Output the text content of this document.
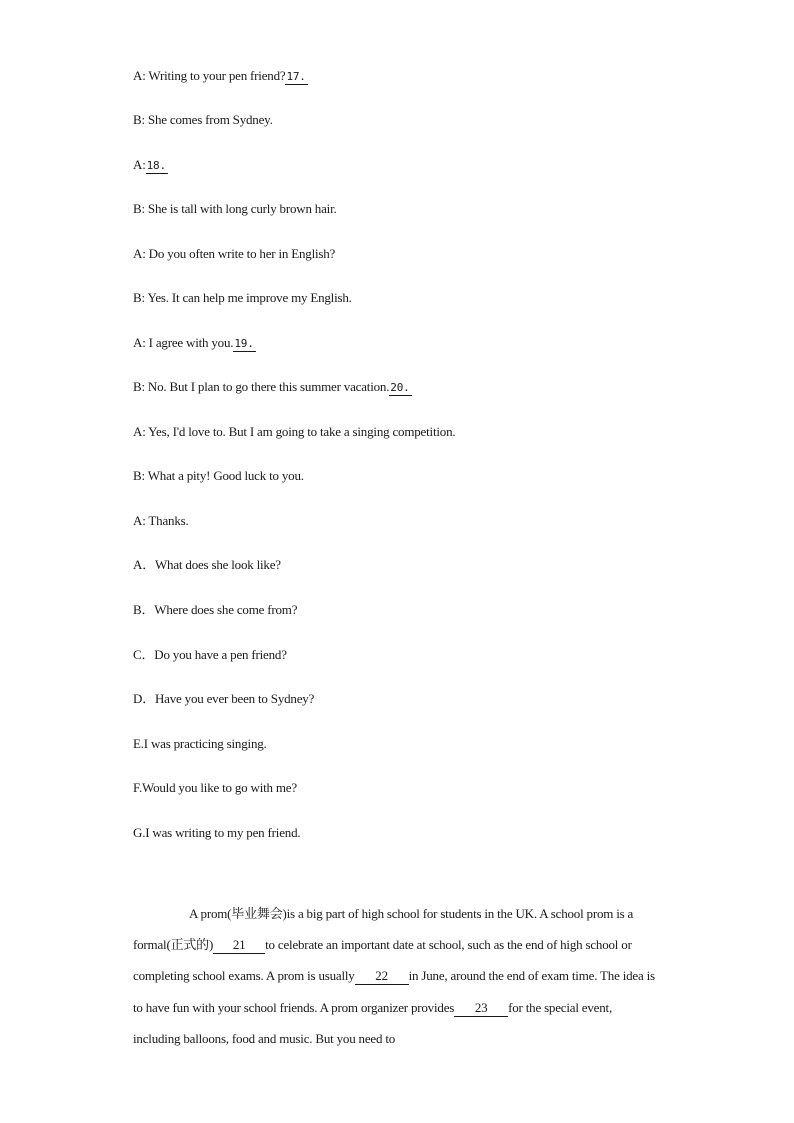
A: Writing to your pen friend?17.
B: She comes from Sydney.
A:18.
B: She is tall with long curly brown hair.
A: Do you often write to her in English?
B: Yes. It can help me improve my English.
A: I agree with you.19.
B: No. But I plan to go there this summer vacation.20.
A: Yes, I'd love to. But I am going to take a singing competition.
B: What a pity! Good luck to you.
A: Thanks.
A．What does she look like?
B．Where does she come from?
C．Do you have a pen friend?
D．Have you ever been to Sydney?
E.I was practicing singing.
F.Would you like to go with me?
G.I was writing to my pen friend.
A prom(毕业舞会)is a big part of high school for students in the UK. A school prom is a formal(正式的) 21 to celebrate an important date at school, such as the end of high school or completing school exams. A prom is usually 22 in June, around the end of exam time. The idea is to have fun with your school friends. A prom organizer provides 23 for the special event, including balloons, food and music. But you need to
